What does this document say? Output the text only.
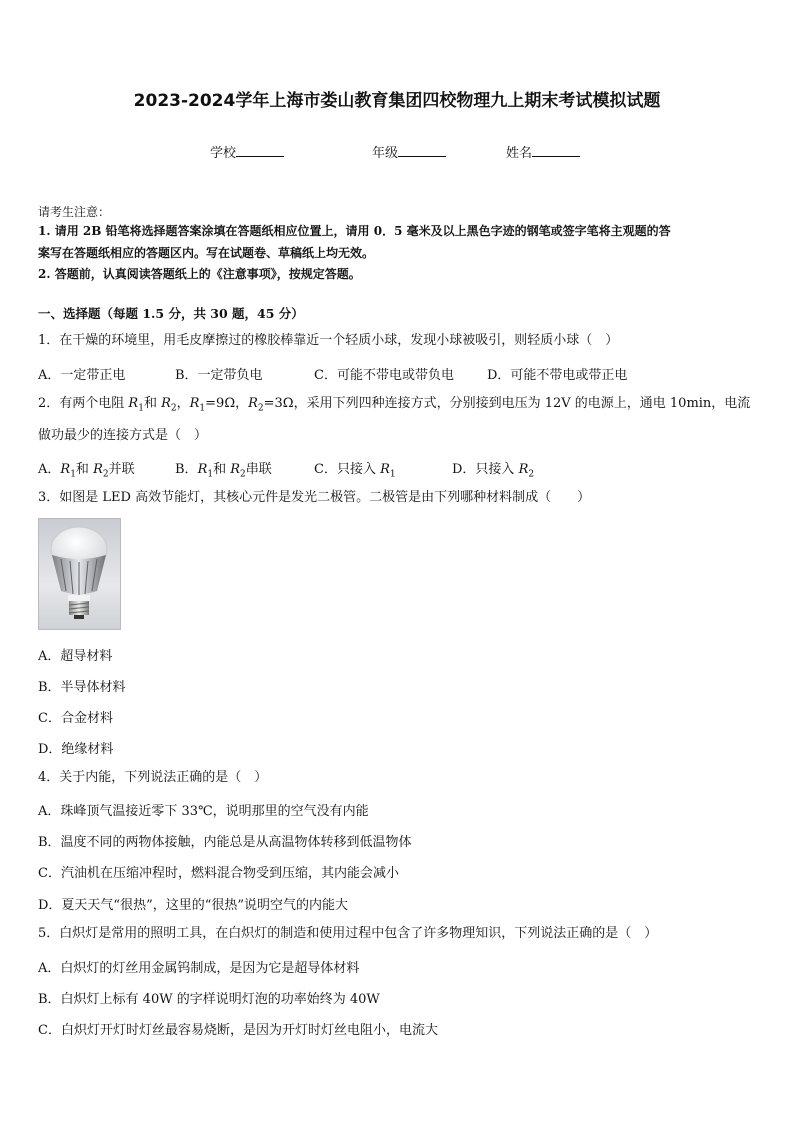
2023-2024学年上海市娄山教育集团四校物理九上期末考试模拟试题
学校	年级	姓名
请考生注意：
1. 请用 2B 铅笔将选择题答案涂填在答题纸相应位置上，请用 0．5 毫米及以上黑色字迹的钢笔或签字笔将主观题的答
案写在答题纸相应的答题区内。写在试题卷、草稿纸上均无效。
2. 答题前，认真阅读答题纸上的《注意事项》，按规定答题。
一、选择题（每题 1.5 分，共 30 题，45 分）
1．在干燥的环境里，用毛皮摩擦过的橡胶棒靠近一个轻质小球，发现小球被吸引，则轻质小球（　）
A．一定带正电	B．一定带负电	C．可能不带电或带负电	D．可能不带电或带正电
2．有两个电阻 $R_1$和 $R_2$，$R_1=9\Omega$，$R_2=3\Omega$，采用下列四种连接方式，分别接到电压为 12V 的电源上，通电 10min，电流
做功最少的连接方式是（　）
A．$R_1$和 $R_2$并联	B．$R_1$和 $R_2$串联	C．只接入 $R_1$	D．只接入 $R_2$
3．如图是 LED 高效节能灯，其核心元件是发光二极管。二极管是由下列哪种材料制成（　　）
A．超导材料
B．半导体材料
C．合金材料
D．绝缘材料
4．关于内能，下列说法正确的是（　）
A．珠峰顶气温接近零下 33℃，说明那里的空气没有内能
B．温度不同的两物体接触，内能总是从高温物体转移到低温物体
C．汽油机在压缩冲程时，燃料混合物受到压缩，其内能会减小
D．夏天天气“很热”，这里的“很热”说明空气的内能大
5．白炽灯是常用的照明工具，在白炽灯的制造和使用过程中包含了许多物理知识，下列说法正确的是（　）
A．白炽灯的灯丝用金属钨制成，是因为它是超导体材料
B．白炽灯上标有 40W 的字样说明灯泡的功率始终为 40W
C．白炽灯开灯时灯丝最容易烧断，是因为开灯时灯丝电阻小，电流大
